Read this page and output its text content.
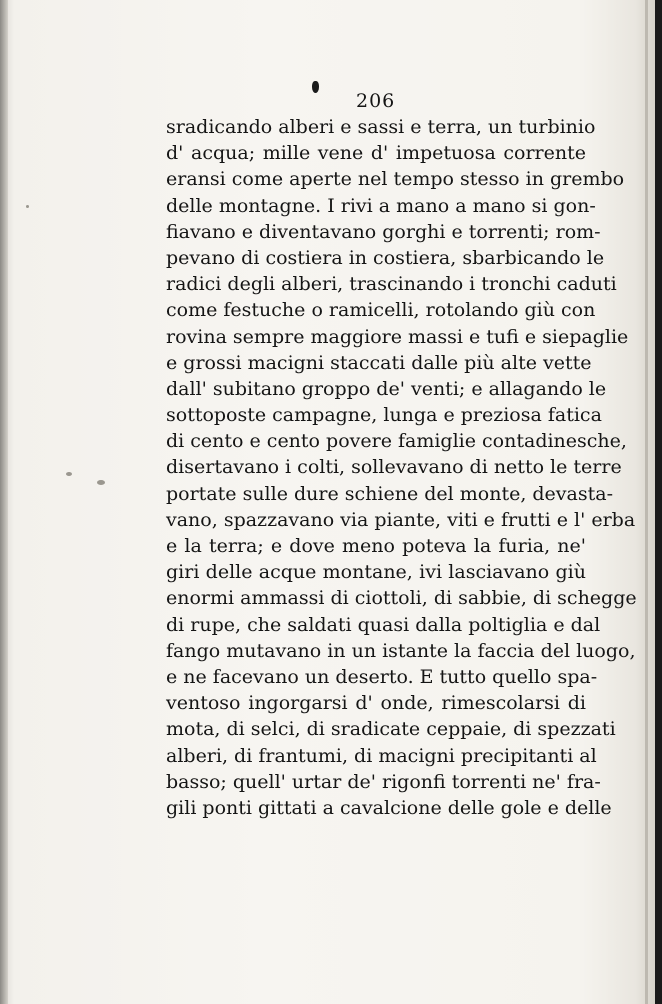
206
sradicando alberi e sassi e terra, un turbinio
d' acqua; mille vene d' impetuosa corrente
eransi come aperte nel tempo stesso in grembo
delle montagne. I rivi a mano a mano si gon-
fiavano e diventavano gorghi e torrenti; rom-
pevano di costiera in costiera, sbarbicando le
radici degli alberi, trascinando i tronchi caduti
come festuche o ramicelli, rotolando giù con
rovina sempre maggiore massi e tufi e siepaglie
e grossi macigni staccati dalle più alte vette
dall' subitano groppo de' venti; e allagando le
sottoposte campagne, lunga e preziosa fatica
di cento e cento povere famiglie contadinesche,
disertavano i colti, sollevavano di netto le terre
portate sulle dure schiene del monte, devasta-
vano, spazzavano via piante, viti e frutti e l' erba
e la terra; e dove meno poteva la furia, ne'
giri delle acque montane, ivi lasciavano giù
enormi ammassi di ciottoli, di sabbie, di schegge
di rupe, che saldati quasi dalla poltiglia e dal
fango mutavano in un istante la faccia del luogo,
e ne facevano un deserto. E tutto quello spa-
ventoso ingorgarsi d' onde, rimescolarsi di
mota, di selci, di sradicate ceppaie, di spezzati
alberi, di frantumi, di macigni precipitanti al
basso; quell' urtar de' rigonfi torrenti ne' fra-
gili ponti gittati a cavalcione delle gole e delle
